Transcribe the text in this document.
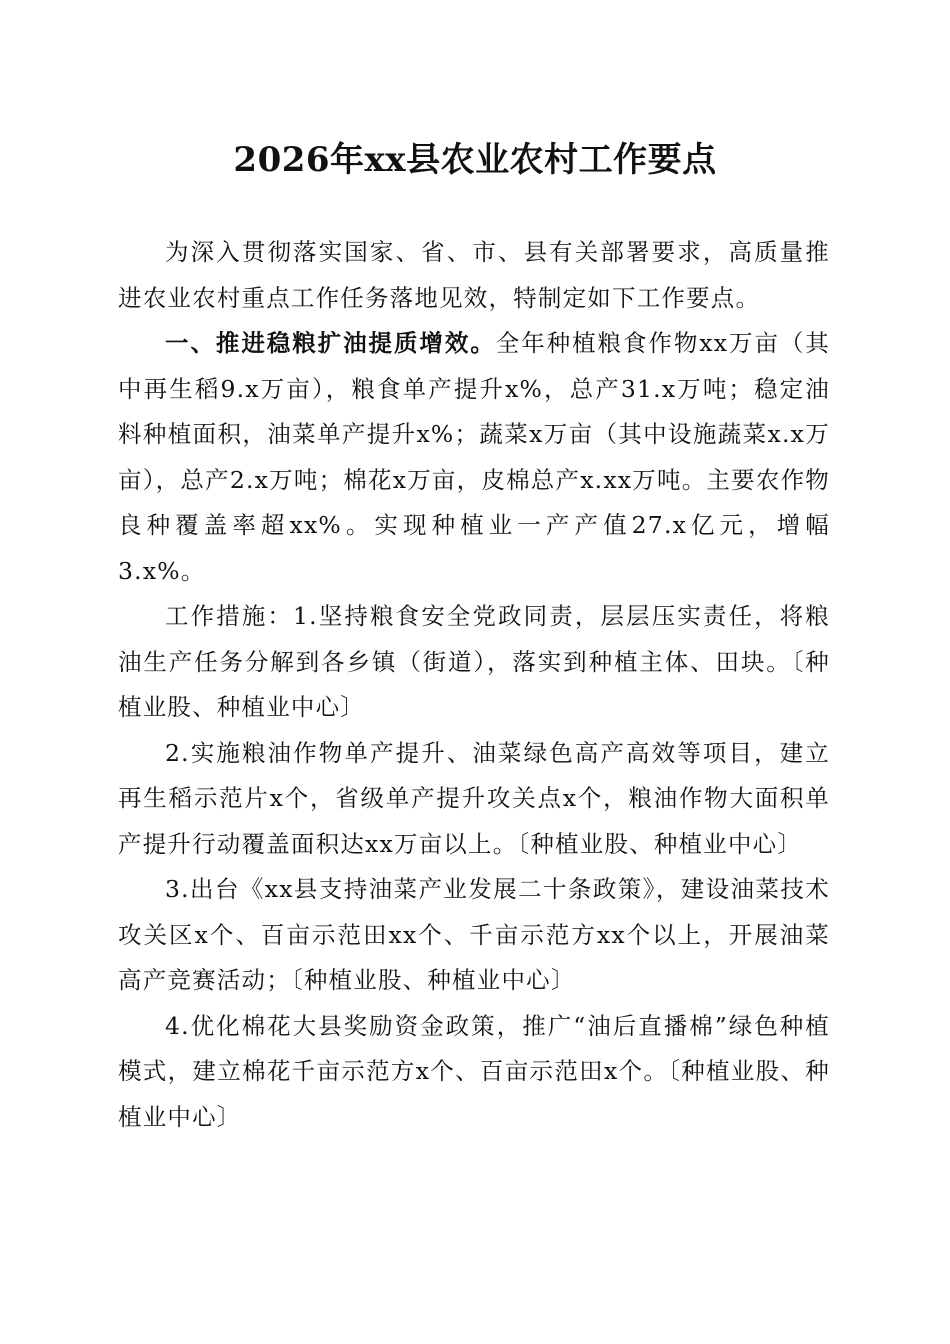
2026年xx县农业农村工作要点

为深入贯彻落实国家、省、市、县有关部署要求，高质量推进农业农村重点工作任务落地见效，特制定如下工作要点。

一、推进稳粮扩油提质增效。全年种植粮食作物xx万亩（其中再生稻9.x万亩），粮食单产提升x%，总产31.x万吨；稳定油料种植面积，油菜单产提升x%；蔬菜x万亩（其中设施蔬菜x.x万亩），总产2.x万吨；棉花x万亩，皮棉总产x.xx万吨。主要农作物良种覆盖率超xx%。实现种植业一产产值27.x亿元，增幅3.x%。

工作措施：1.坚持粮食安全党政同责，层层压实责任，将粮油生产任务分解到各乡镇（街道），落实到种植主体、田块。〔种植业股、种植业中心〕

2.实施粮油作物单产提升、油菜绿色高产高效等项目，建立再生稻示范片x个，省级单产提升攻关点x个，粮油作物大面积单产提升行动覆盖面积达xx万亩以上。〔种植业股、种植业中心〕

3.出台《xx县支持油菜产业发展二十条政策》，建设油菜技术攻关区x个、百亩示范田xx个、千亩示范方xx个以上，开展油菜高产竞赛活动；〔种植业股、种植业中心〕

4.优化棉花大县奖励资金政策，推广“油后直播棉”绿色种植模式，建立棉花千亩示范方x个、百亩示范田x个。〔种植业股、种植业中心〕
